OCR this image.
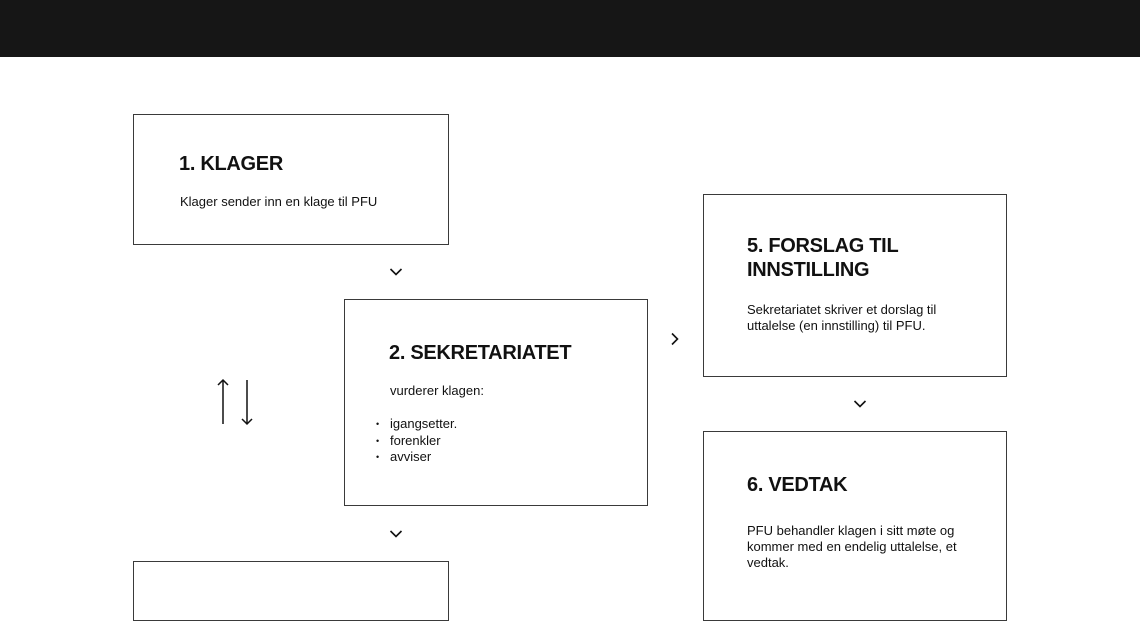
1. KLAGER

Klager sender inn en klage til PFU

2. SEKRETARIATET

vurderer klagen:

• igangsetter.
• forenkler
• avviser
5. FORSLAG TIL INNSTILLING

Sekretariatet skriver et dorslag til uttalelse (en innstilling) til PFU.

6. VEDTAK

PFU behandler klagen i sitt møte og kommer med en endelig uttalelse, et vedtak.
